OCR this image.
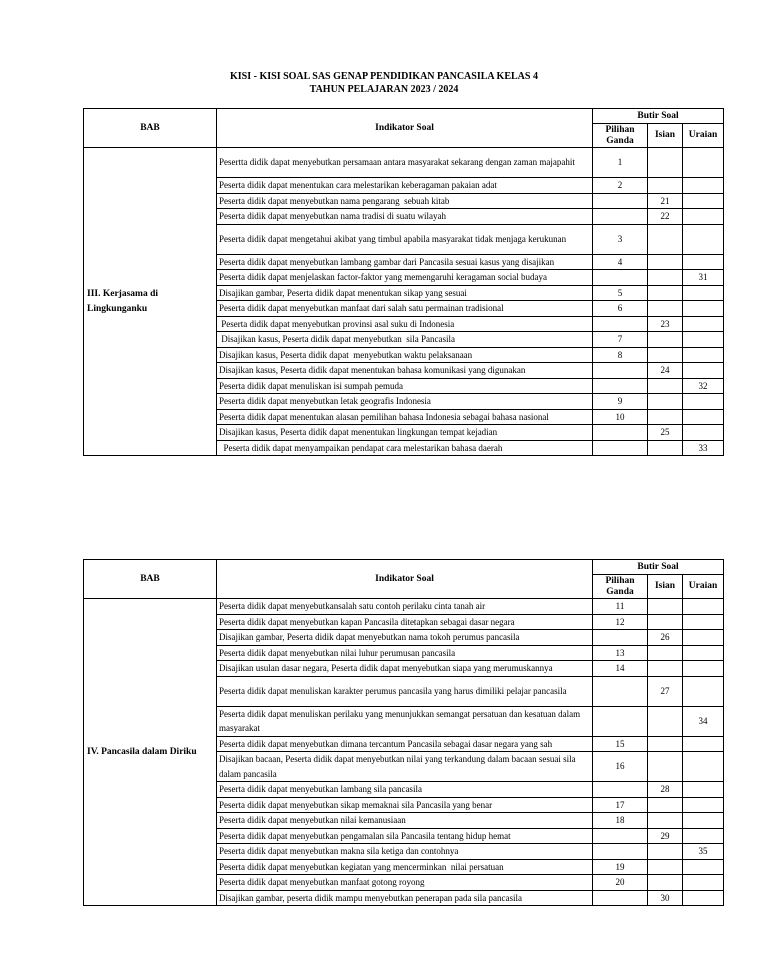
KISI - KISI SOAL SAS GENAP PENDIDIKAN PANCASILA KELAS 4
TAHUN PELAJARAN 2023 / 2024
BAB	Indikator Soal	Butir Soal		
		Pilihan Ganda	Isian	Uraian

III. Kerjasama di
Lingkunganku	Pesertta didik dapat menyebutkan persamaan antara masyarakat sekarang dengan zaman majapahit	1		
	Peserta didik dapat menentukan cara melestarikan keberagaman pakaian adat	2		
	Peserta didik dapat menyebutkan nama pengarang  sebuah kitab		21	
	Peserta didik dapat menyebutkan nama tradisi di suatu wilayah		22	
	Peserta didik dapat mengetahui akibat yang timbul apabila masyarakat tidak menjaga kerukunan	3		
	Peserta didik dapat menyebutkan lambang gambar dari Pancasila sesuai kasus yang disajikan	4		
	Peserta didik dapat menjelaskan factor-faktor yang memengaruhi keragaman social budaya			31
	Disajikan gambar, Peserta didik dapat menentukan sikap yang sesuai	5		
	Peserta didik dapat menyebutkan manfaat dari salah satu permainan tradisional	6		
	Peserta didik dapat menyebutkan provinsi asal suku di Indonesia		23	
	Disajikan kasus, Peserta didik dapat menyebutkan  sila Pancasila	7		
	Disajikan kasus, Peserta didik dapat  menyebutkan waktu pelaksanaan	8		
	Disajikan kasus, Peserta didik dapat menentukan bahasa komunikasi yang digunakan		24	
	Peserta didik dapat menuliskan isi sumpah pemuda			32
	Peserta didik dapat menyebutkan letak geografis Indonesia	9		
	Peserta didik dapat menentukan alasan pemilihan bahasa Indonesia sebagai bahasa nasional	10		
	Disajikan kasus, Peserta didik dapat menentukan lingkungan tempat kejadian		25	
	Peserta didik dapat menyampaikan pendapat cara melestarikan bahasa daerah			33
BAB	Indikator Soal	Butir Soal		
		Pilihan Ganda	Isian	Uraian

IV. Pancasila dalam Diriku	Peserta didik dapat menyebutkansalah satu contoh perilaku cinta tanah air	11		
	Peserta didik dapat menyebutkan kapan Pancasila ditetapkan sebagai dasar negara	12		
	Disajikan gambar, Peserta didik dapat menyebutkan nama tokoh perumus pancasila		26	
	Peserta didik dapat menyebutkan nilai luhur perumusan pancasila	13		
	Disajikan usulan dasar negara, Peserta didik dapat menyebutkan siapa yang merumuskannya	14		
	Peserta didik dapat menuliskan karakter perumus pancasila yang harus dimiliki pelajar pancasila		27	
	Peserta didik dapat menuliskan perilaku yang menunjukkan semangat persatuan dan kesatuan dalam masyarakat			34
	Peserta didik dapat menyebutkan dimana tercantum Pancasila sebagai dasar negara yang sah	15		
	Disajikan bacaan, Peserta didik dapat menyebutkan nilai yang terkandung dalam bacaan sesuai sila dalam pancasila	16		
	Peserta didik dapat menyebutkan lambang sila pancasila		28	
	Peserta didik dapat menyebutkan sikap memaknai sila Pancasila yang benar	17		
	Peserta didik dapat menyebutkan nilai kemanusiaan	18		
	Peserta didik dapat menyebutkan pengamalan sila Pancasila tentang hidup hemat		29	
	Peserta didik dapat menyebutkan makna sila ketiga dan contohnya			35
	Peserta didik dapat menyebutkan kegiatan yang mencerminkan  nilai persatuan	19		
	Peserta didik dapat menyebutkan manfaat gotong royong	20		
	Disajikan gambar, peserta didik mampu menyebutkan penerapan pada sila pancasila		30	
